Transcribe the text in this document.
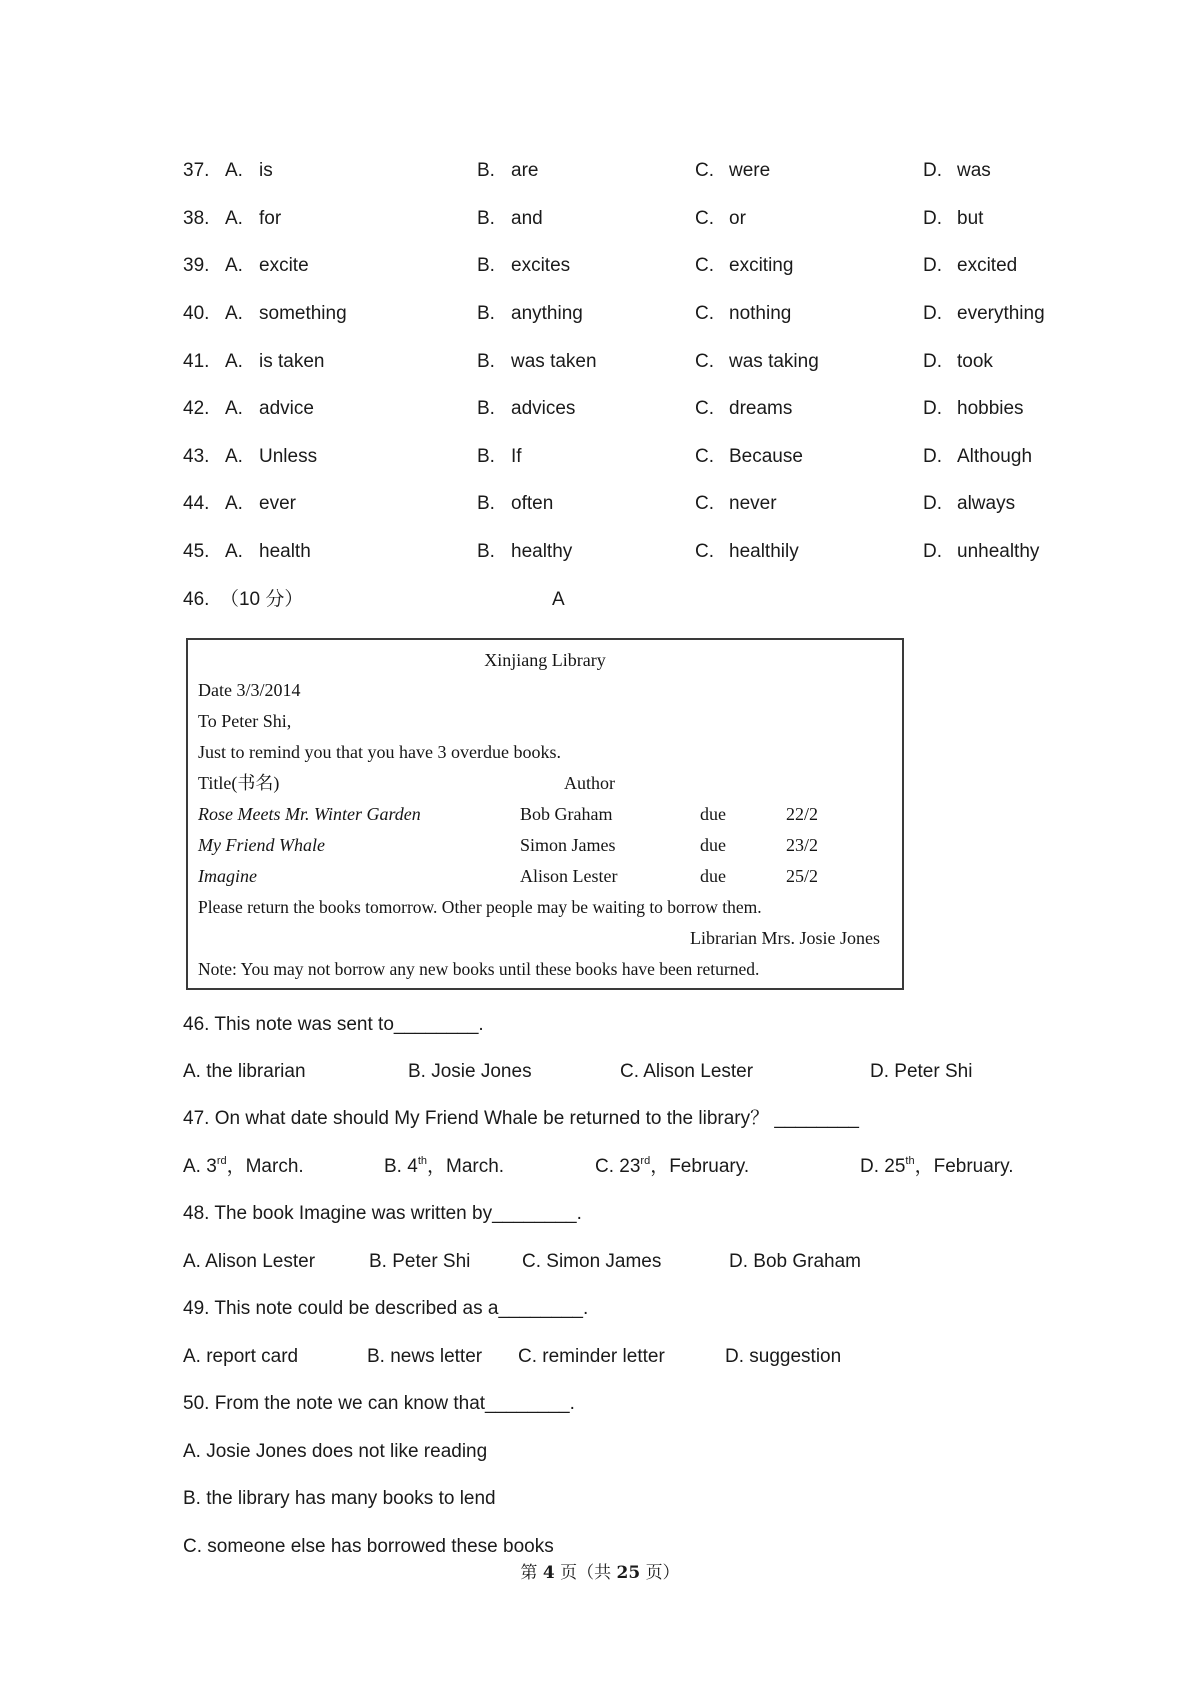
37. A. is	B. are	C. were	D. was
38. A. for	B. and	C. or	D. but
39. A. excite	B. excites	C. exciting	D. excited
40. A. something	B. anything	C. nothing	D. everything
41. A. is taken	B. was taken	C. was taking	D. took
42. A. advice	B. advices	C. dreams	D. hobbies
43. A. Unless	B. If	C. Because	D. Although
44. A. ever	B. often	C. never	D. always
45. A. health	B. healthy	C. healthily	D. unhealthy
46. （10 分）	A
Xinjiang Library
Date 3/3/2014
To Peter Shi,
Just to remind you that you have 3 overdue books.
Title(书名)	Author
Rose Meets Mr. Winter Garden	Bob Graham	due	22/2
My Friend Whale	Simon James	due	23/2
Imagine	Alison Lester	due	25/2
Please return the books tomorrow. Other people may be waiting to borrow them.
Librarian Mrs. Josie Jones
Note: You may not borrow any new books until these books have been returned.
46. This note was sent to________.
A. the librarian	B. Josie Jones	C. Alison Lester	D. Peter Shi
47. On what date should My Friend Whale be returned to the library？ ________
A. 3rd，March.	B. 4th，March.	C. 23rd，February.	D. 25th，February.
48. The book Imagine was written by________.
A. Alison Lester	B. Peter Shi	C. Simon James	D. Bob Graham
49. This note could be described as a________.
A. report card	B. news letter C. reminder letter	D. suggestion
50. From the note we can know that________.
A. Josie Jones does not like reading
B. the library has many books to lend
C. someone else has borrowed these books
第 4 页（共 25 页）
